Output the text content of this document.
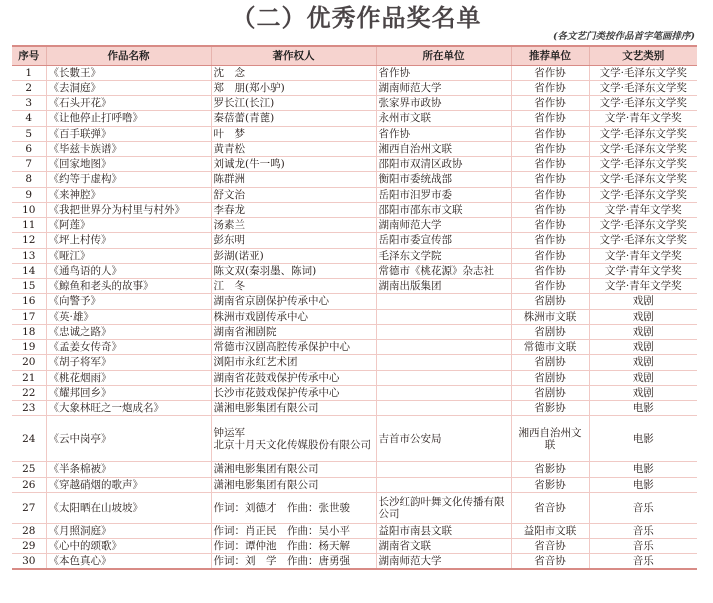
（二）优秀作品奖名单
(各文艺门类按作品首字笔画排序)
序号	作品名称	著作权人	所在单位	推荐单位	文艺类别
1	《长數王》	沈　念	省作协	省作协	文学·毛泽东文学奖
2	《去洞庭》	郑　朋(郑小驴)	湖南师范大学	省作协	文学·毛泽东文学奖
3	《石头开花》	罗长江(长江)	张家界市政协	省作协	文学·毛泽东文学奖
4	《让他停止打呼噜》	秦蓓蕾(青蓖)	永州市文联	省作协	文学·青年文学奖
5	《百手联弹》	叶　梦	省作协	省作协	文学·毛泽东文学奖
6	《毕兹卡族谱》	黄青松	湘西自治州文联	省作协	文学·毛泽东文学奖
7	《回家地图》	刘诚龙(牛一鸣)	邵阳市双清区政协	省作协	文学·毛泽东文学奖
8	《约等于虚构》	陈群洲	衡阳市委统战部	省作协	文学·毛泽东文学奖
9	《来神腔》	舒文治	岳阳市汨罗市委	省作协	文学·毛泽东文学奖
10	《我把世界分为村里与村外》	李春龙	邵阳市邵东市文联	省作协	文学·青年文学奖
11	《阿莲》	汤素兰	湖南师范大学	省作协	文学·毛泽东文学奖
12	《坪上村传》	彭东明	岳阳市委宣传部	省作协	文学·毛泽东文学奖
13	《哑江》	彭湖(诺亚)	毛泽东文学院	省作协	文学·青年文学奖
14	《通鸟语的人》	陈文双(秦羽墨、陈词)	常德市《桃花源》杂志社	省作协	文学·青年文学奖
15	《鲸鱼和老头的故事》	江　冬	湖南出版集团	省作协	文学·青年文学奖
16	《向警予》	湖南省京剧保护传承中心		省剧协	戏剧
17	《英·雄》	株洲市戏剧传承中心		株洲市文联	戏剧
18	《忠诚之路》	湖南省湘剧院		省剧协	戏剧
19	《孟姜女传奇》	常德市汉剧高腔传承保护中心		常德市文联	戏剧
20	《胡子将军》	浏阳市永红艺术团		省剧协	戏剧
21	《桃花烟雨》	湖南省花鼓戏保护传承中心		省剧协	戏剧
22	《耀邦回乡》	长沙市花鼓戏保护传承中心		省剧协	戏剧
23	《大象林旺之一炮成名》	潇湘电影集团有限公司		省影协	电影
24	《云中岗亭》	钟运军
北京十月天文化传媒股份有限公司	吉首市公安局	湘西自治州文联	电影
25	《半条棉被》	潇湘电影集团有限公司		省影协	电影
26	《穿越硝烟的歌声》	潇湘电影集团有限公司		省影协	电影
27	《太阳晒在山坡坡》	作词：刘德才　作曲：张世骏	长沙红韵叶舞文化传播有限公司	省音协	音乐
28	《月照洞庭》	作词：肖正民　作曲：吴小平	益阳市南县文联	益阳市文联	音乐
29	《心中的颂歌》	作词：谭仲池　作曲：杨天解	湖南省文联	省音协	音乐
30	《本色真心》	作词：刘　学　作曲：唐勇强	湖南师范大学	省音协	音乐
